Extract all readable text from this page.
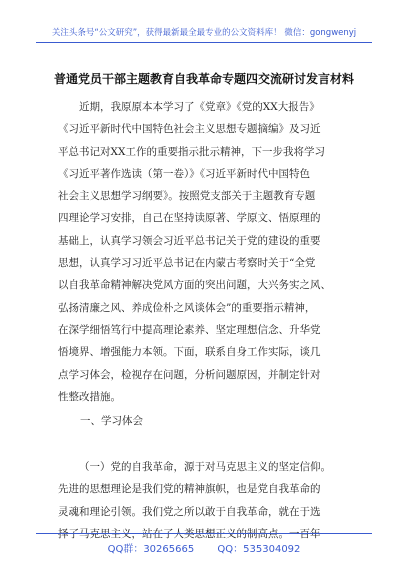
关注头条号“公文研究”，获得最新最全最专业的公文资料库！ 微信：gongwenyj
普通党员干部主题教育自我革命专题四交流研讨发言材料
近期，我原原本本学习了《党章》《党的XX大报告》
《习近平新时代中国特色社会主义思想专题摘编》及习近
平总书记对XX工作的重要指示批示精神，下一步我将学习
《习近平著作选读（第一卷）》《习近平新时代中国特色
社会主义思想学习纲要》。按照党支部关于主题教育专题
四理论学习安排，自己在坚持读原著、学原文、悟原理的
基础上，认真学习领会习近平总书记关于党的建设的重要
思想，认真学习习近平总书记在内蒙古考察时关于“全党
以自我革命精神解决党风方面的突出问题，大兴务实之风、
弘扬清廉之风、养成俭朴之风谈体会”的重要指示精神，
在深学细悟笃行中提高理论素养、坚定理想信念、升华党
悟境界、增强能力本领。下面，联系自身工作实际，谈几
点学习体会，检视存在问题，分析问题原因，并制定针对
性整改措施。
一、学习体会
（一）党的自我革命，源于对马克思主义的坚定信仰。
先进的思想理论是我们党的精神旗帜，也是党自我革命的
灵魂和理论引领。我们党之所以敢于自我革命，就在于选
择了马克思主义，站在了人类思想正义的制高点。一百年
QQ群：30265665 QQ：535304092
